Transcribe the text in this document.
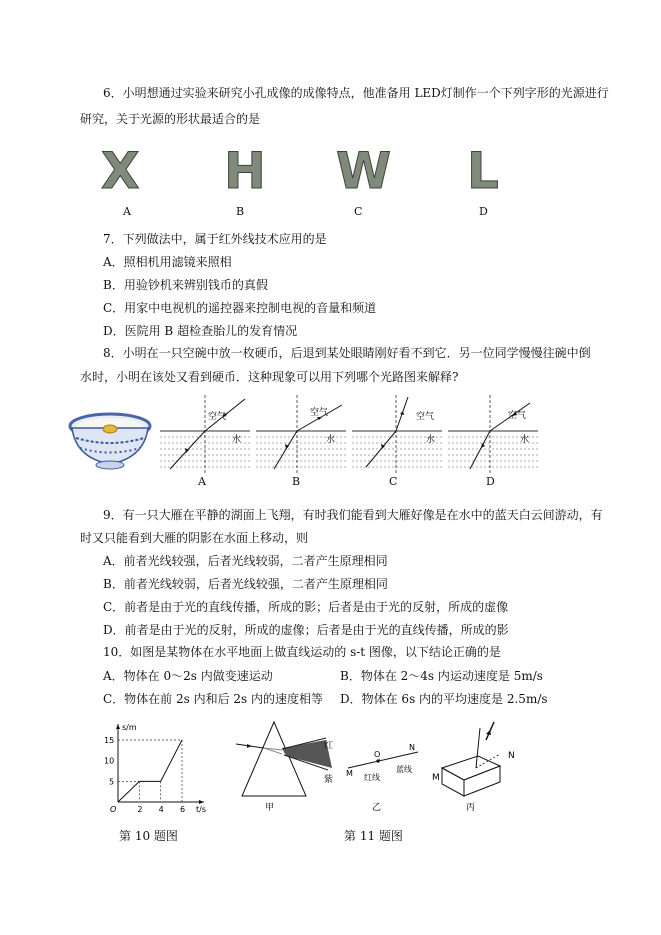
6．小明想通过实验来研究小孔成像的成像特点，他准备用 LED灯制作一个下列字形的光源进行
研究，关于光源的形状最适合的是
X H W L
A	B	C	D
7．下列做法中，属于红外线技术应用的是
A．照相机用滤镜来照相
B．用验钞机来辨别钱币的真假
C．用家中电视机的遥控器来控制电视的音量和频道
D．医院用 B 超检查胎儿的发育情况
8．小明在一只空碗中放一枚硬币，后退到某处眼睛刚好看不到它．另一位同学慢慢往碗中倒
水时，小明在该处又看到硬币．这种现象可以用下列哪个光路图来解释?
空气
水
A
空气
水
B
空气
水
C
空气
水
D
9．有一只大雁在平静的湖面上飞翔，有时我们能看到大雁好像是在水中的蓝天白云间游动，有
时又只能看到大雁的阴影在水面上移动，则
A．前者光线较强，后者光线较弱，二者产生原理相同
B．前者光线较弱，后者光线较强，二者产生原理相同
C．前者是由于光的直线传播，所成的影；后者是由于光的反射，所成的虚像
D．前者是由于光的反射，所成的虚像；后者是由于光的直线传播，所成的影
10．如图是某物体在水平地面上做直线运动的 s-t 图像，以下结论正确的是
A．物体在 0～2s 内做变速运动	B．物体在 2～4s 内运动速度是 5m/s
C．物体在前 2s 内和后 2s 内的速度相等 D．物体在 6s 内的平均速度是 2.5m/s
s/m
t/s
O	2 4 6
5
10
15
第 10 题图
红
紫
甲
O
M
N
蓝线
红线
乙
M
N
丙
第 11 题图
